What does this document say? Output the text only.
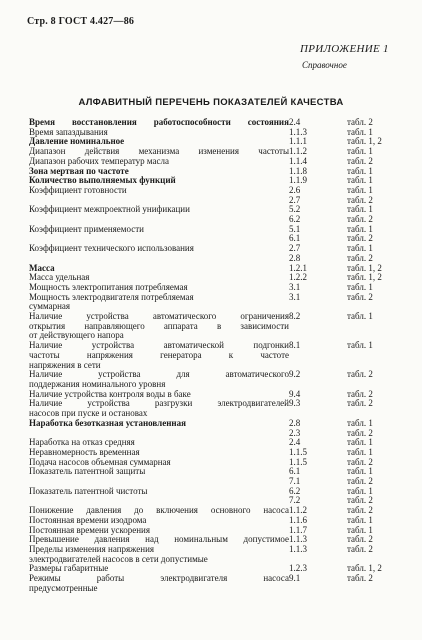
Стр. 8 ГОСТ 4.427—86
ПРИЛОЖЕНИЕ 1
Справочное
АЛФАВИТНЫЙ ПЕРЕЧЕНЬ ПОКАЗАТЕЛЕЙ КАЧЕСТВА
Время восстановления работоспособности состояния 2.4	табл. 2
Время запаздывания	1.1.3	табл. 1
Давление номинальное	1.1.1	табл. 1, 2
Диапазон действия механизма изменения частоты 1.1.2	табл. 1
Диапазон рабочих температур масла	1.1.4	табл. 2
Зона мертвая по частоте	1.1.8	табл. 1
Количество выполняемых функций	1.1.9	табл. 1
Коэффициент готовности	2.6	табл. 1
2.7	табл. 2
Коэффициент межпроектной унификации	5.2	табл. 1
6.2	табл. 2
Коэффициент применяемости	5.1	табл. 1
6.1	табл. 2
Коэффициент технического использования	2.7	табл. 1
2.8	табл. 2
Масса	1.2.1	табл. 1, 2
Масса удельная	1.2.2	табл. 1, 2
Мощность электропитания потребляемая	3.1	табл. 1
Мощность электродвигателя потребляемая	3.1	табл. 2
суммарная
Наличие устройства автоматического ограничения 8.2	табл. 1
открытия направляющего аппарата в зависимости
от действующего напора
Наличие устройства автоматической подгонки 8.1	табл. 1
частоты напряжения генератора к частоте
напряжения в сети
Наличие устройства для автоматического 9.2	табл. 2
поддержания номинального уровня
Наличие устройства контроля воды в баке	9.4	табл. 2
Наличие устройства разгрузки электродвигателей 9.3	табл. 2
насосов при пуске и остановах
Наработка безотказная установленная	2.8	табл. 1
2.3	табл. 2
Наработка на отказ средняя	2.4	табл. 1
Неравномерность временная	1.1.5	табл. 1
Подача насосов объемная суммарная	1.1.5	табл. 2
Показатель патентной защиты	6.1	табл. 1
7.1	табл. 2
Показатель патентной чистоты	6.2	табл. 1
7.2	табл. 2
Понижение давления до включения основного насоса 1.1.2	табл. 2
Постоянная времени изодрома	1.1.6	табл. 1
Постоянная времени ускорения	1.1.7	табл. 1
Превышение давления над номинальным допустимое 1.1.3	табл. 2
Пределы изменения напряжения	1.1.3	табл. 2
электродвигателей насосов в сети допустимые
Размеры габаритные	1.2.3	табл. 1, 2
Режимы работы электродвигателя насоса 9.1	табл. 2
предусмотренные
